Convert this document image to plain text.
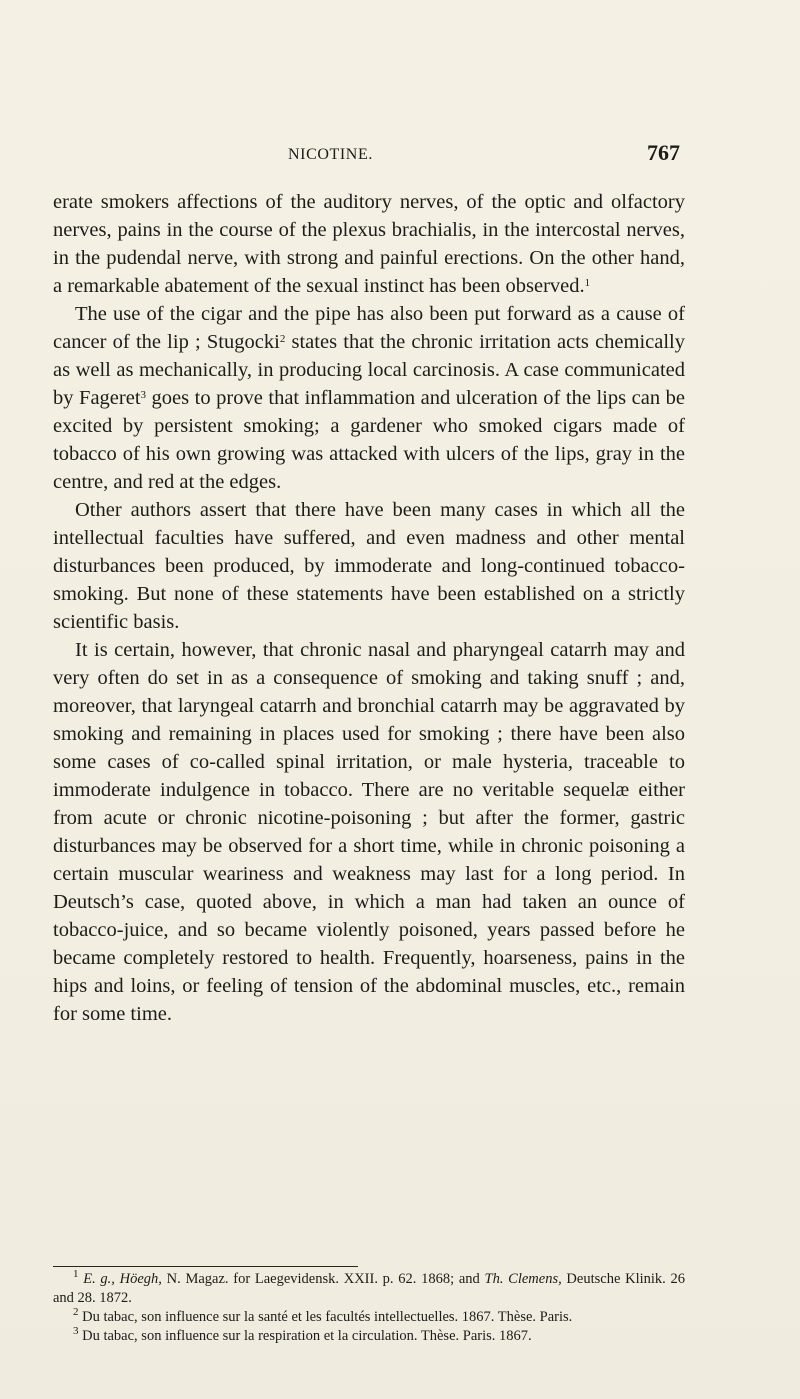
NICOTINE.	767

erate smokers affections of the auditory nerves, of the optic and olfactory nerves, pains in the course of the plexus brachialis, in the intercostal nerves, in the pudendal nerve, with strong and painful erections. On the other hand, a remarkable abatement of the sexual instinct has been observed.$^1$

The use of the cigar and the pipe has also been put forward as a cause of cancer of the lip ; Stugocki$^2$ states that the chronic irritation acts chemically as well as mechanically, in producing local carcinosis. A case communicated by Fageret$^3$ goes to prove that inflammation and ulceration of the lips can be excited by persistent smoking; a gardener who smoked cigars made of tobacco of his own growing was attacked with ulcers of the lips, gray in the centre, and red at the edges.

Other authors assert that there have been many cases in which all the intellectual faculties have suffered, and even madness and other mental disturbances been produced, by immoderate and long-continued tobacco-smoking. But none of these statements have been established on a strictly scientific basis.

It is certain, however, that chronic nasal and pharyngeal catarrh may and very often do set in as a consequence of smoking and taking snuff ; and, moreover, that laryngeal catarrh and bronchial catarrh may be aggravated by smoking and remaining in places used for smoking ; there have been also some cases of co-called spinal irritation, or male hysteria, traceable to immoderate indulgence in tobacco. There are no veritable sequelæ either from acute or chronic nicotine-poisoning ; but after the former, gastric disturbances may be observed for a short time, while in chronic poisoning a certain muscular weariness and weakness may last for a long period. In Deutsch’s case, quoted above, in which a man had taken an ounce of tobacco-juice, and so became violently poisoned, years passed before he became completely restored to health. Frequently, hoarseness, pains in the hips and loins, or feeling of tension of the abdominal muscles, etc., remain for some time.

$^1$ E. g., Höegh, N. Magaz. for Laegevidensk. XXII. p. 62. 1868; and Th. Clemens, Deutsche Klinik. 26 and 28. 1872.

$^2$ Du tabac, son influence sur la santé et les facultés intellectuelles. 1867. Thèse. Paris.

$^3$ Du tabac, son influence sur la respiration et la circulation. Thèse. Paris. 1867.
